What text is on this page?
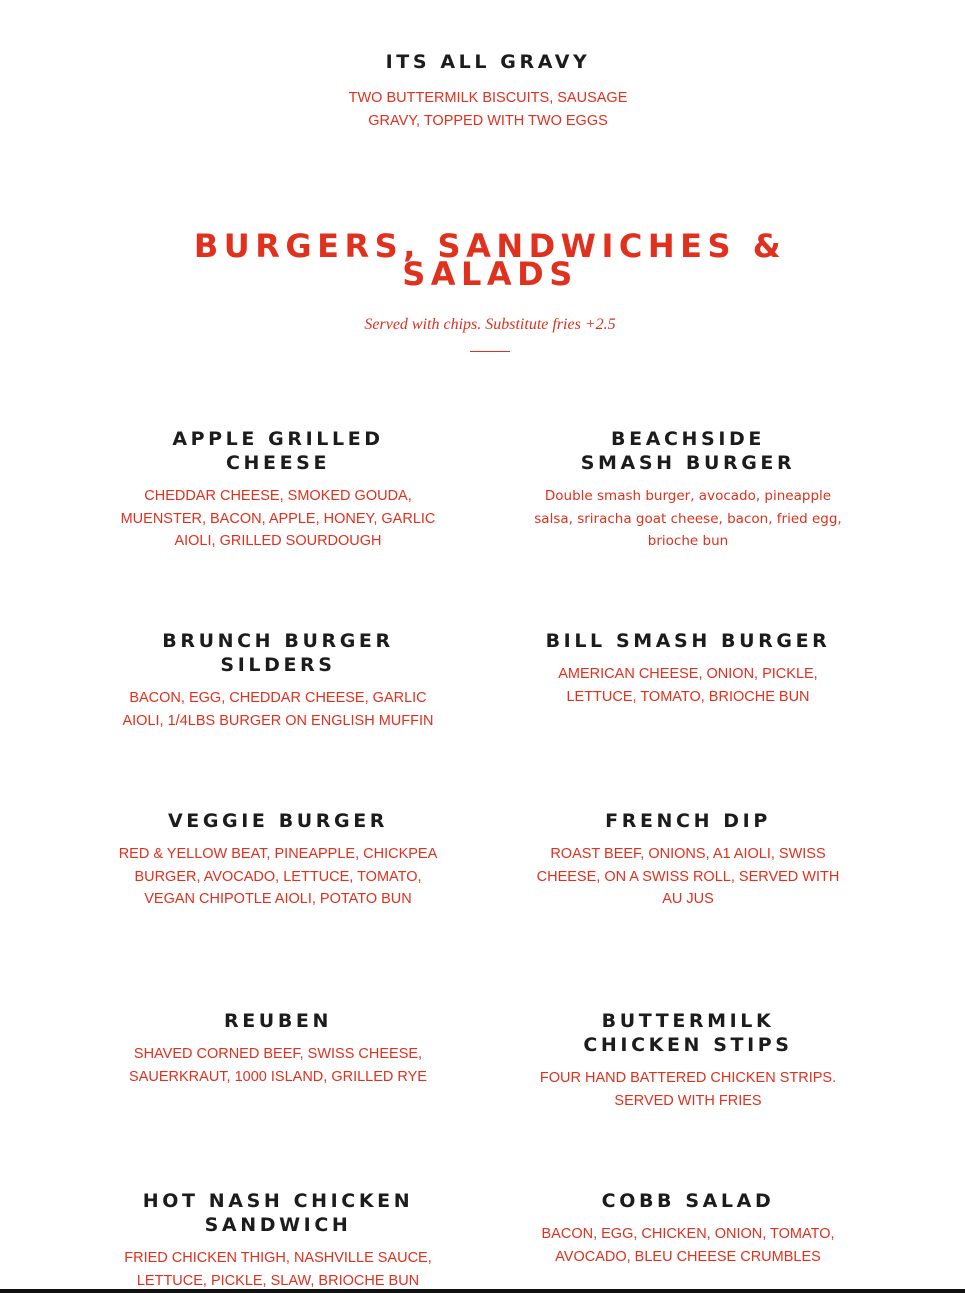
ITS ALL GRAVY

TWO BUTTERMILK BISCUITS, SAUSAGE GRAVY, TOPPED WITH TWO EGGS

BURGERS, SANDWICHES & SALADS

Served with chips. Substitute fries +2.5

APPLE GRILLED CHEESE

CHEDDAR CHEESE, SMOKED GOUDA, MUENSTER, BACON, APPLE, HONEY, GARLIC AIOLI, GRILLED SOURDOUGH

BEACHSIDE SMASH BURGER

Double smash burger, avocado, pineapple salsa, sriracha goat cheese, bacon, fried egg, brioche bun

BRUNCH BURGER SILDERS

BACON, EGG, CHEDDAR CHEESE, GARLIC AIOLI, 1/4LBS BURGER ON ENGLISH MUFFIN

BILL SMASH BURGER

AMERICAN CHEESE, ONION, PICKLE, LETTUCE, TOMATO, BRIOCHE BUN

VEGGIE BURGER

RED & YELLOW BEAT, PINEAPPLE, CHICKPEA BURGER, AVOCADO, LETTUCE, TOMATO, VEGAN CHIPOTLE AIOLI, POTATO BUN

FRENCH DIP

ROAST BEEF, ONIONS, A1 AIOLI, SWISS CHEESE, ON A SWISS ROLL, SERVED WITH AU JUS

REUBEN

SHAVED CORNED BEEF, SWISS CHEESE, SAUERKRAUT, 1000 ISLAND, GRILLED RYE

BUTTERMILK CHICKEN STIPS

FOUR HAND BATTERED CHICKEN STRIPS. SERVED WITH FRIES

HOT NASH CHICKEN SANDWICH

FRIED CHICKEN THIGH, NASHVILLE SAUCE, LETTUCE, PICKLE, SLAW, BRIOCHE BUN

COBB SALAD

BACON, EGG, CHICKEN, ONION, TOMATO, AVOCADO, BLEU CHEESE CRUMBLES
